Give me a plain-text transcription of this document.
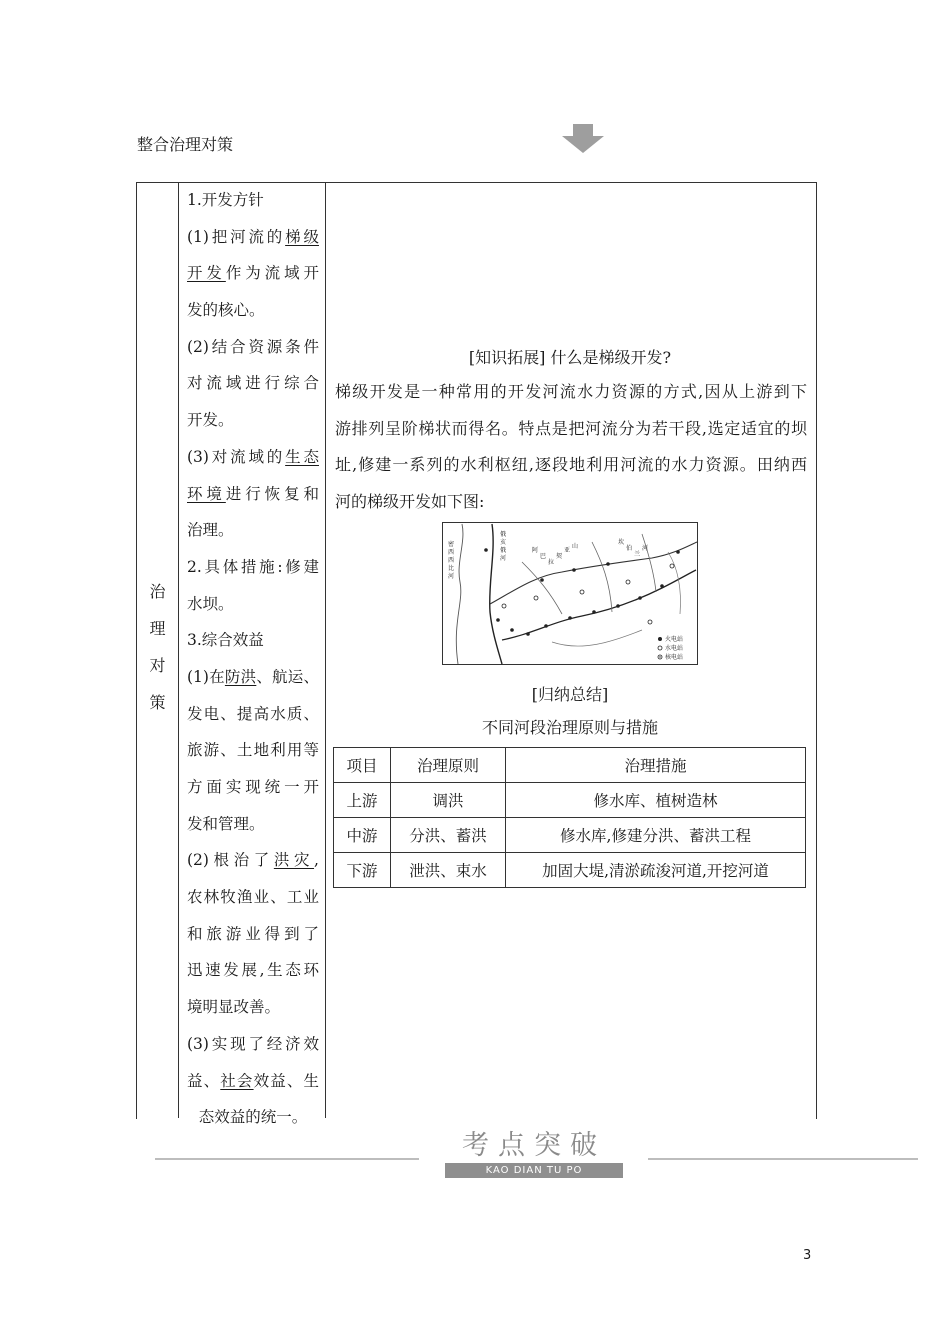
整合治理对策
治
理
对
策
1.开发方针
(1)把河流的梯级
开发作为流域开
发的核心。
(2)结合资源条件
对流域进行综合
开发。
(3)对流域的生态
环境进行恢复和
治理。
2.具体措施:修建
水坝。
3.综合效益
(1)在防洪、航运、
发电、提高水质、
旅游、土地利用等
方面实现统一开
发和管理。
(2)根治了洪灾,
农林牧渔业、工业
和旅游业得到了
迅速发展,生态环
境明显改善。
(3)实现了经济效
益、社会效益、生
态效益的统一。
[知识拓展] 什么是梯级开发?
梯级开发是一种常用的开发河流水力资源的方式,因从上游到下
游排列呈阶梯状而得名。特点是把河流分为若干段,选定适宜的坝
址,修建一系列的水利枢纽,逐段地利用河流的水力资源。田纳西
河的梯级开发如下图:
密
西
西
比
河
俄
亥
俄
河
阿
巴
拉
契
亚
山
坎
伯
兰
河
火电站
水电站
核电站
[归纳总结]
不同河段治理原则与措施
项目	治理原则	治理措施
上游	调洪	修水库、植树造林
中游	分洪、蓄洪	修水库,修建分洪、蓄洪工程
下游	泄洪、束水	加固大堤,清淤疏浚河道,开挖河道
考点突破
KAO DIAN TU PO
3
